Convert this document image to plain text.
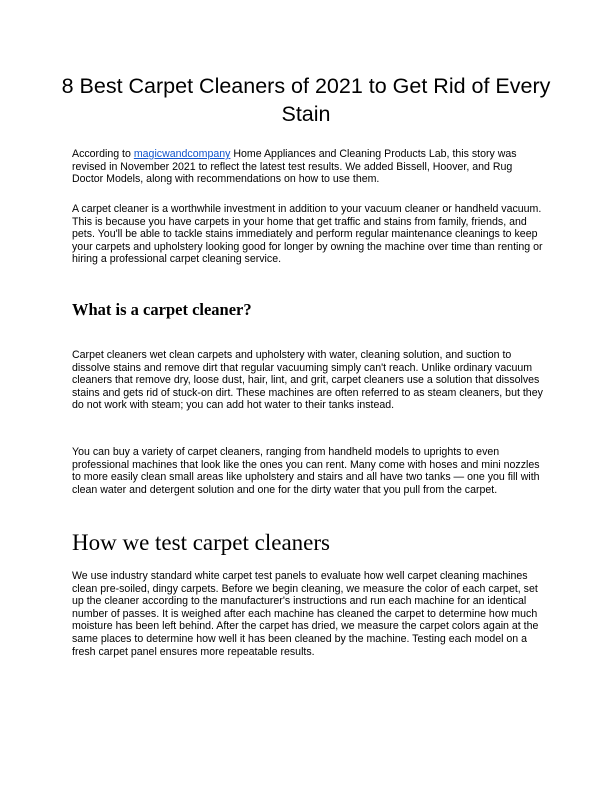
8 Best Carpet Cleaners of 2021 to Get Rid of Every Stain

According to magicwandcompany Home Appliances and Cleaning Products Lab, this story was revised in November 2021 to reflect the latest test results. We added Bissell, Hoover, and Rug Doctor Models, along with recommendations on how to use them.

A carpet cleaner is a worthwhile investment in addition to your vacuum cleaner or handheld vacuum. This is because you have carpets in your home that get traffic and stains from family, friends, and pets. You'll be able to tackle stains immediately and perform regular maintenance cleanings to keep your carpets and upholstery looking good for longer by owning the machine over time than renting or hiring a professional carpet cleaning service.

What is a carpet cleaner?

Carpet cleaners wet clean carpets and upholstery with water, cleaning solution, and suction to dissolve stains and remove dirt that regular vacuuming simply can't reach. Unlike ordinary vacuum cleaners that remove dry, loose dust, hair, lint, and grit, carpet cleaners use a solution that dissolves stains and gets rid of stuck-on dirt. These machines are often referred to as steam cleaners, but they do not work with steam; you can add hot water to their tanks instead.

You can buy a variety of carpet cleaners, ranging from handheld models to uprights to even professional machines that look like the ones you can rent. Many come with hoses and mini nozzles to more easily clean small areas like upholstery and stairs and all have two tanks — one you fill with clean water and detergent solution and one for the dirty water that you pull from the carpet.

How we test carpet cleaners

We use industry standard white carpet test panels to evaluate how well carpet cleaning machines clean pre-soiled, dingy carpets. Before we begin cleaning, we measure the color of each carpet, set up the cleaner according to the manufacturer's instructions and run each machine for an identical number of passes. It is weighed after each machine has cleaned the carpet to determine how much moisture has been left behind. After the carpet has dried, we measure the carpet colors again at the same places to determine how well it has been cleaned by the machine. Testing each model on a fresh carpet panel ensures more repeatable results.
